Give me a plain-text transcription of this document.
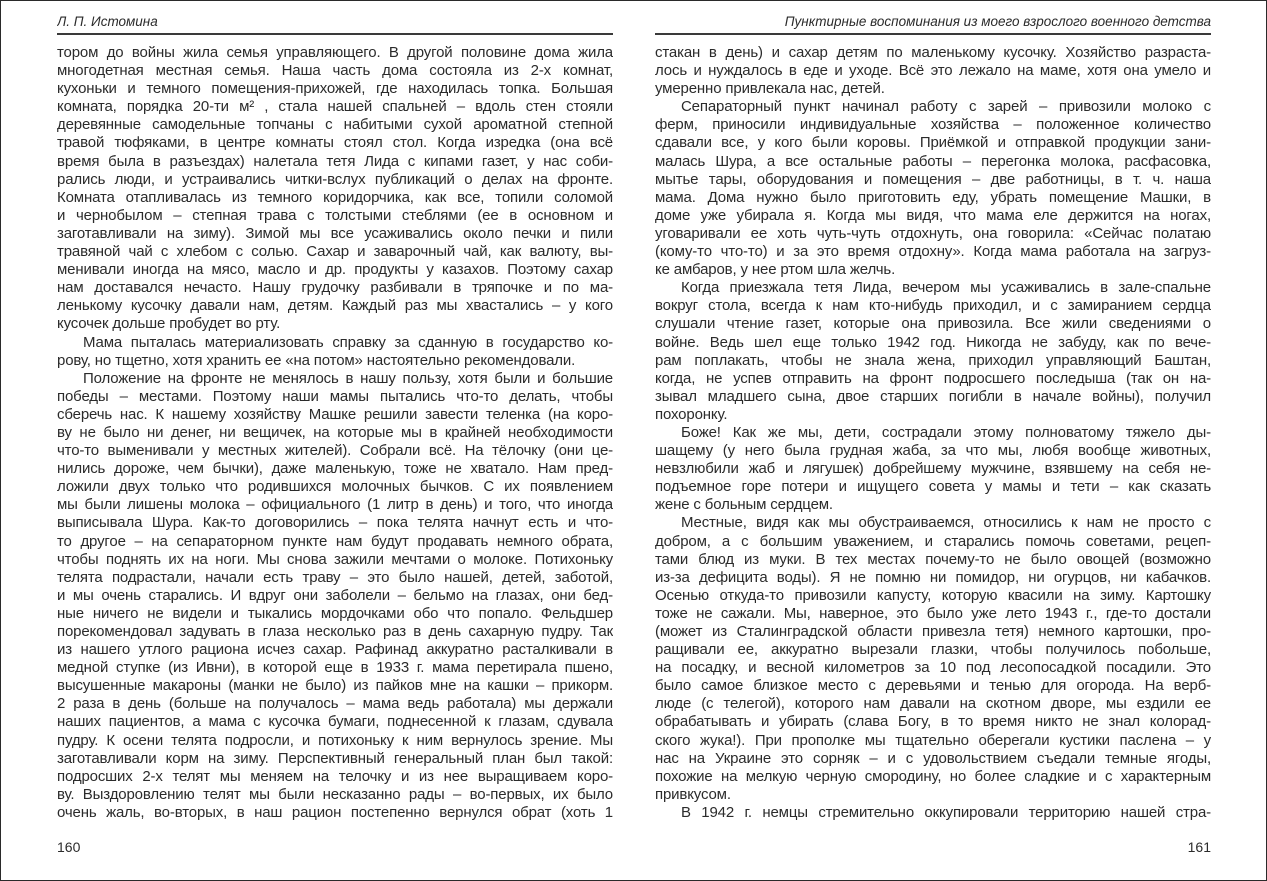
Л. П. Истомина
тором до войны жила семья управляющего. В другой половине дома жила
многодетная местная семья. Наша часть дома состояла из 2-х комнат,
кухоньки и темного помещения-прихожей, где находилась топка. Большая
комната, порядка 20-ти м² , стала нашей спальней – вдоль стен стояли
деревянные самодельные топчаны с набитыми сухой ароматной степной
травой тюфяками, в центре комнаты стоял стол. Когда изредка (она всё
время была в разъездах) налетала тетя Лида с кипами газет, у нас соби-
рались люди, и устраивались читки-вслух публикаций о делах на фронте.
Комната отапливалась из темного коридорчика, как все, топили соломой
и чернобылом – степная трава с толстыми стеблями (ее в основном и
заготавливали на зиму). Зимой мы все усаживались около печки и пили
травяной чай с хлебом с солью. Сахар и заварочный чай, как валюту, вы-
менивали иногда на мясо, масло и др. продукты у казахов. Поэтому сахар
нам доставался нечасто. Нашу грудочку разбивали в тряпочке и по ма-
ленькому кусочку давали нам, детям. Каждый раз мы хвастались – у кого
кусочек дольше пробудет во рту.
Мама пыталась материализовать справку за сданную в государство ко-
рову, но тщетно, хотя хранить ее «на потом» настоятельно рекомендовали.
Положение на фронте не менялось в нашу пользу, хотя были и большие
победы – местами. Поэтому наши мамы пытались что-то делать, чтобы
сберечь нас. К нашему хозяйству Машке решили завести теленка (на коро-
ву не было ни денег, ни вещичек, на которые мы в крайней необходимости
что-то выменивали у местных жителей). Собрали всё. На тёлочку (они це-
нились дороже, чем бычки), даже маленькую, тоже не хватало. Нам пред-
ложили двух только что родившихся молочных бычков. С их появлением
мы были лишены молока – официального (1 литр в день) и того, что иногда
выписывала Шура. Как-то договорились – пока телята начнут есть и что-
то другое – на сепараторном пункте нам будут продавать немного обрата,
чтобы поднять их на ноги. Мы снова зажили мечтами о молоке. Потихоньку
телята подрастали, начали есть траву – это было нашей, детей, заботой,
и мы очень старались. И вдруг они заболели – бельмо на глазах, они бед-
ные ничего не видели и тыкались мордочками обо что попало. Фельдшер
порекомендовал задувать в глаза несколько раз в день сахарную пудру. Так
из нашего утлого рациона исчез сахар. Рафинад аккуратно расталкивали в
медной ступке (из Ивни), в которой еще в 1933 г. мама перетирала пшено,
высушенные макароны (манки не было) из пайков мне на кашки – прикорм.
2 раза в день (больше на получалось – мама ведь работала) мы держали
наших пациентов, а мама с кусочка бумаги, поднесенной к глазам, сдувала
пудру. К осени телята подросли, и потихоньку к ним вернулось зрение. Мы
заготавливали корм на зиму. Перспективный генеральный план был такой:
подросших 2-х телят мы меняем на телочку и из нее выращиваем коро-
ву. Выздоровлению телят мы были несказанно рады – во-первых, их было
очень жаль, во-вторых, в наш рацион постепенно вернулся обрат (хоть 1
Пунктирные воспоминания из моего взрослого военного детства
стакан в день) и сахар детям по маленькому кусочку. Хозяйство разраста-
лось и нуждалось в еде и уходе. Всё это лежало на маме, хотя она умело и
умеренно привлекала нас, детей.
Сепараторный пункт начинал работу с зарей – привозили молоко с
ферм, приносили индивидуальные хозяйства – положенное количество
сдавали все, у кого были коровы. Приёмкой и отправкой продукции зани-
малась Шура, а все остальные работы – перегонка молока, расфасовка,
мытье тары, оборудования и помещения – две работницы, в т. ч. наша
мама. Дома нужно было приготовить еду, убрать помещение Машки, в
доме уже убирала я. Когда мы видя, что мама еле держится на ногах,
уговаривали ее хоть чуть-чуть отдохнуть, она говорила: «Сейчас полатаю
(кому-то что-то) и за это время отдохну». Когда мама работала на загруз-
ке амбаров, у нее ртом шла желчь.
Когда приезжала тетя Лида, вечером мы усаживались в зале-спальне
вокруг стола, всегда к нам кто-нибудь приходил, и с замиранием сердца
слушали чтение газет, которые она привозила. Все жили сведениями о
войне. Ведь шел еще только 1942 год. Никогда не забуду, как по вече-
рам поплакать, чтобы не знала жена, приходил управляющий Баштан,
когда, не успев отправить на фронт подросшего последыша (так он на-
зывал младшего сына, двое старших погибли в начале войны), получил
похоронку.
Боже! Как же мы, дети, сострадали этому полноватому тяжело ды-
шащему (у него была грудная жаба, за что мы, любя вообще животных,
невзлюбили жаб и лягушек) добрейшему мужчине, взявшему на себя не-
подъемное горе потери и ищущего совета у мамы и тети – как сказать
жене с больным сердцем.
Местные, видя как мы обустраиваемся, относились к нам не просто с
добром, а с большим уважением, и старались помочь советами, рецеп-
тами блюд из муки. В тех местах почему-то не было овощей (возможно
из-за дефицита воды). Я не помню ни помидор, ни огурцов, ни кабачков.
Осенью откуда-то привозили капусту, которую квасили на зиму. Картошку
тоже не сажали. Мы, наверное, это было уже лето 1943 г., где-то достали
(может из Сталинградской области привезла тетя) немного картошки, про-
ращивали ее, аккуратно вырезали глазки, чтобы получилось побольше,
на посадку, и весной километров за 10 под лесопосадкой посадили. Это
было самое близкое место с деревьями и тенью для огорода. На верб-
люде (с телегой), которого нам давали на скотном дворе, мы ездили ее
обрабатывать и убирать (слава Богу, в то время никто не знал колорад-
ского жука!). При прополке мы тщательно оберегали кустики паслена – у
нас на Украине это сорняк – и с удовольствием съедали темные ягоды,
похожие на мелкую черную смородину, но более сладкие и с характерным
привкусом.
В 1942 г. немцы стремительно оккупировали территорию нашей стра-
160	161
